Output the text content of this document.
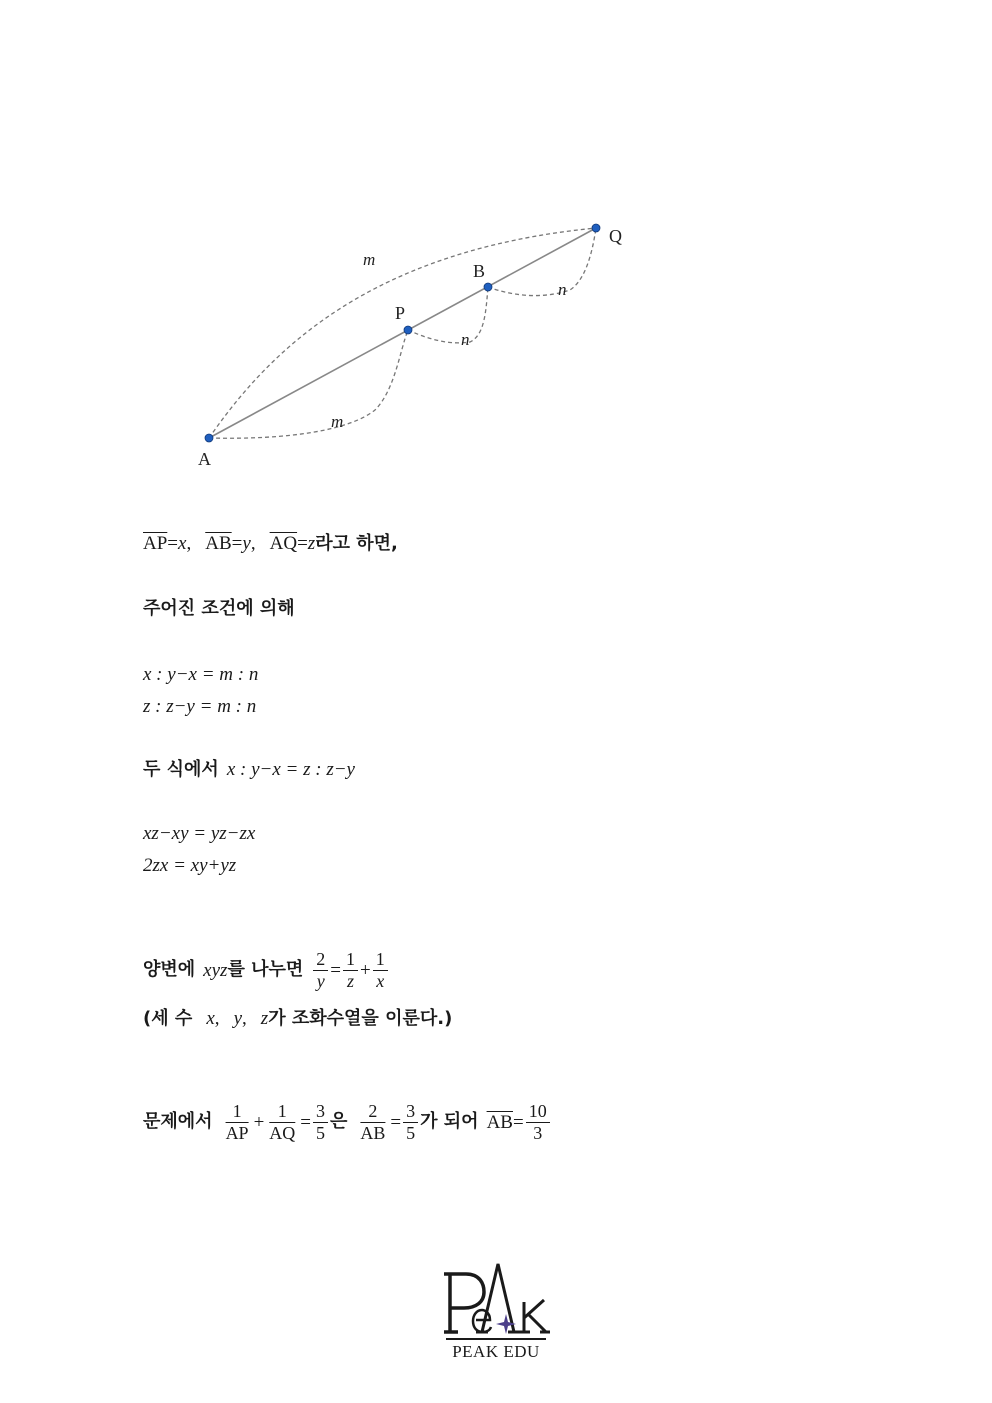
A
P
B
Q
m
m
n
n
$\overline{AP}=x$, $\overline{AB}=y$, $\overline{AQ}=z$라고 하면,
주어진 조건에 의해
x : y−x = m : n
z : z−y = m : n
두 식에서 x : y−x = z : z−y
xz−xy = yz−zx
2zx = xy+yz
양변에 xyz 를 나누면 $\frac{2}{y} = \frac{1}{z} + \frac{1}{x}$
(세 수 x, y, z가 조화수열을 이룬다.)
문제에서 $\frac{1}{AP} + \frac{1}{AQ} = \frac{3}{5}$ 은 $\frac{2}{AB} = \frac{3}{5}$ 가 되어 $\overline{AB} = \frac{10}{3}$
PEAK EDU
